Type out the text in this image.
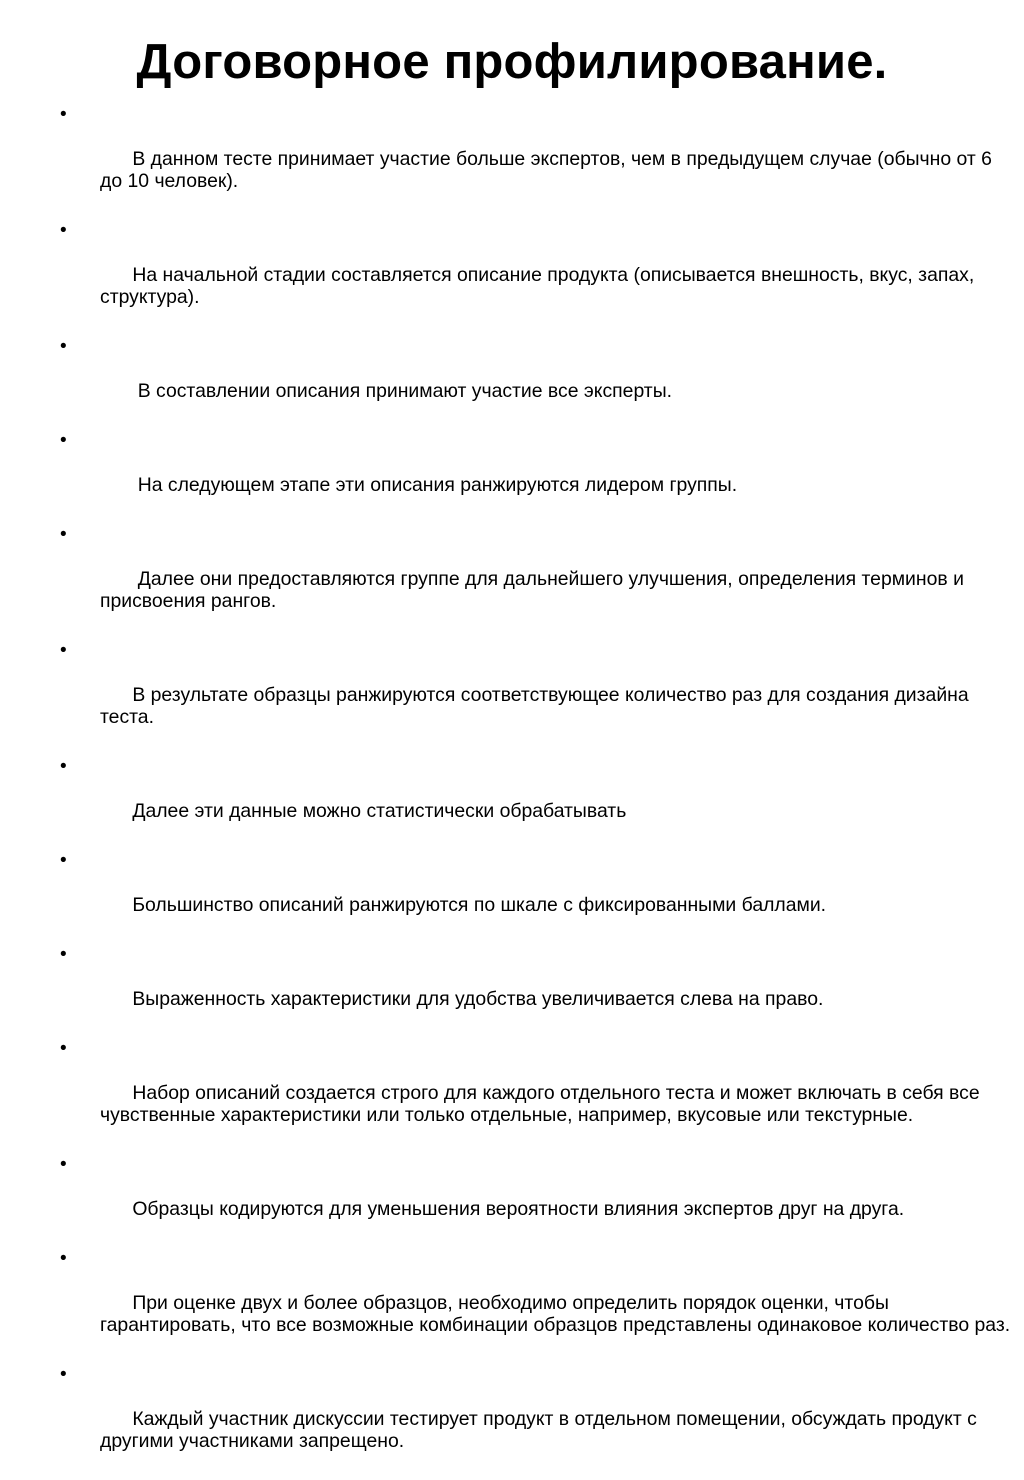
Договорное профилирование.

•

В данном тесте принимает участие больше экспертов, чем в предыдущем случае (обычно от 6 до 10 человек).

•

На начальной стадии составляется описание продукта (описывается внешность, вкус, запах, структура).

•

В составлении описания принимают участие все эксперты.

•

На следующем этапе эти описания ранжируются лидером группы.

•

Далее они предоставляются группе для дальнейшего улучшения, определения терминов и присвоения рангов.

•

В результате образцы ранжируются соответствующее количество раз для создания дизайна теста.

•

Далее эти данные можно статистически обрабатывать

•

Большинство описаний ранжируются по шкале с фиксированными баллами.

•

Выраженность характеристики для удобства увеличивается слева на право.

•

Набор описаний создается строго для каждого отдельного теста и может включать в себя все чувственные характеристики или только отдельные, например, вкусовые или текстурные.

•

Образцы кодируются для уменьшения вероятности влияния экспертов друг на друга.

•

При оценке двух и более образцов, необходимо определить порядок оценки, чтобы гарантировать, что все возможные комбинации образцов представлены одинаковое количество раз.

•

Каждый участник дискуссии тестирует продукт в отдельном помещении, обсуждать продукт с другими участниками запрещено.
